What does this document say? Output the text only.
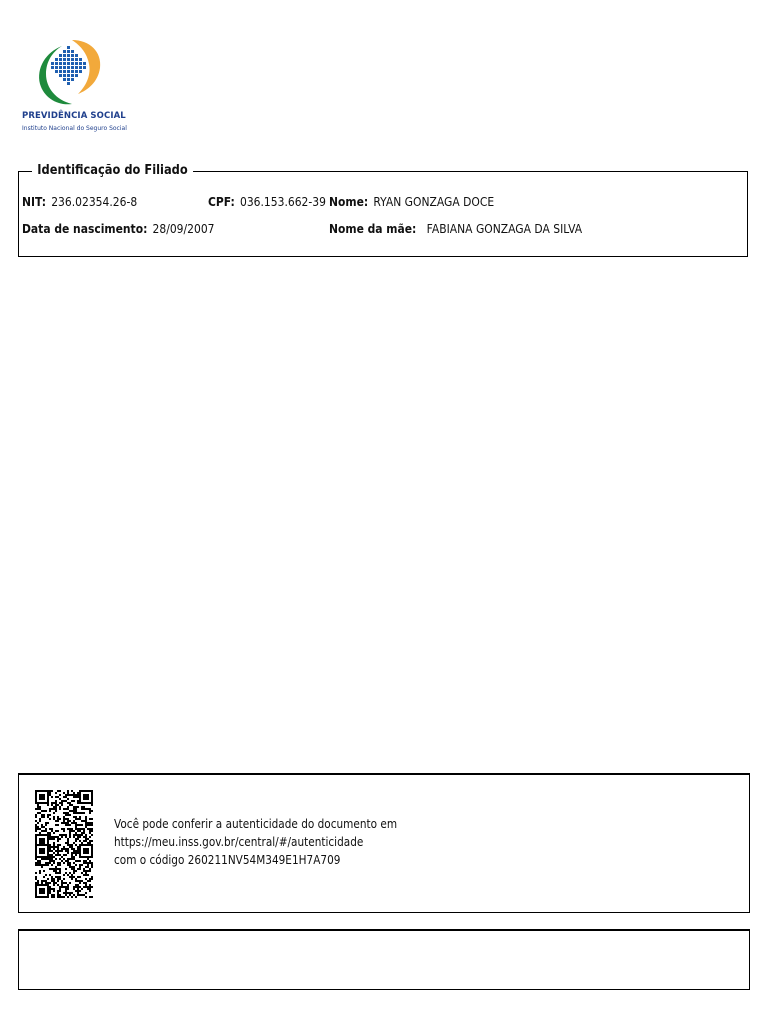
PREVIDÊNCIA SOCIAL
Instituto Nacional do Seguro Social
Identificação do Filiado
NIT: 236.02354.26-8	CPF: 036.153.662-39 Nome: RYAN GONZAGA DOCE
Data de nascimento: 28/09/2007	Nome da mãe: FABIANA GONZAGA DA SILVA
Você pode conferir a autenticidade do documento em
https://meu.inss.gov.br/central/#/autenticidade
com o código 260211NV54M349E1H7A709
